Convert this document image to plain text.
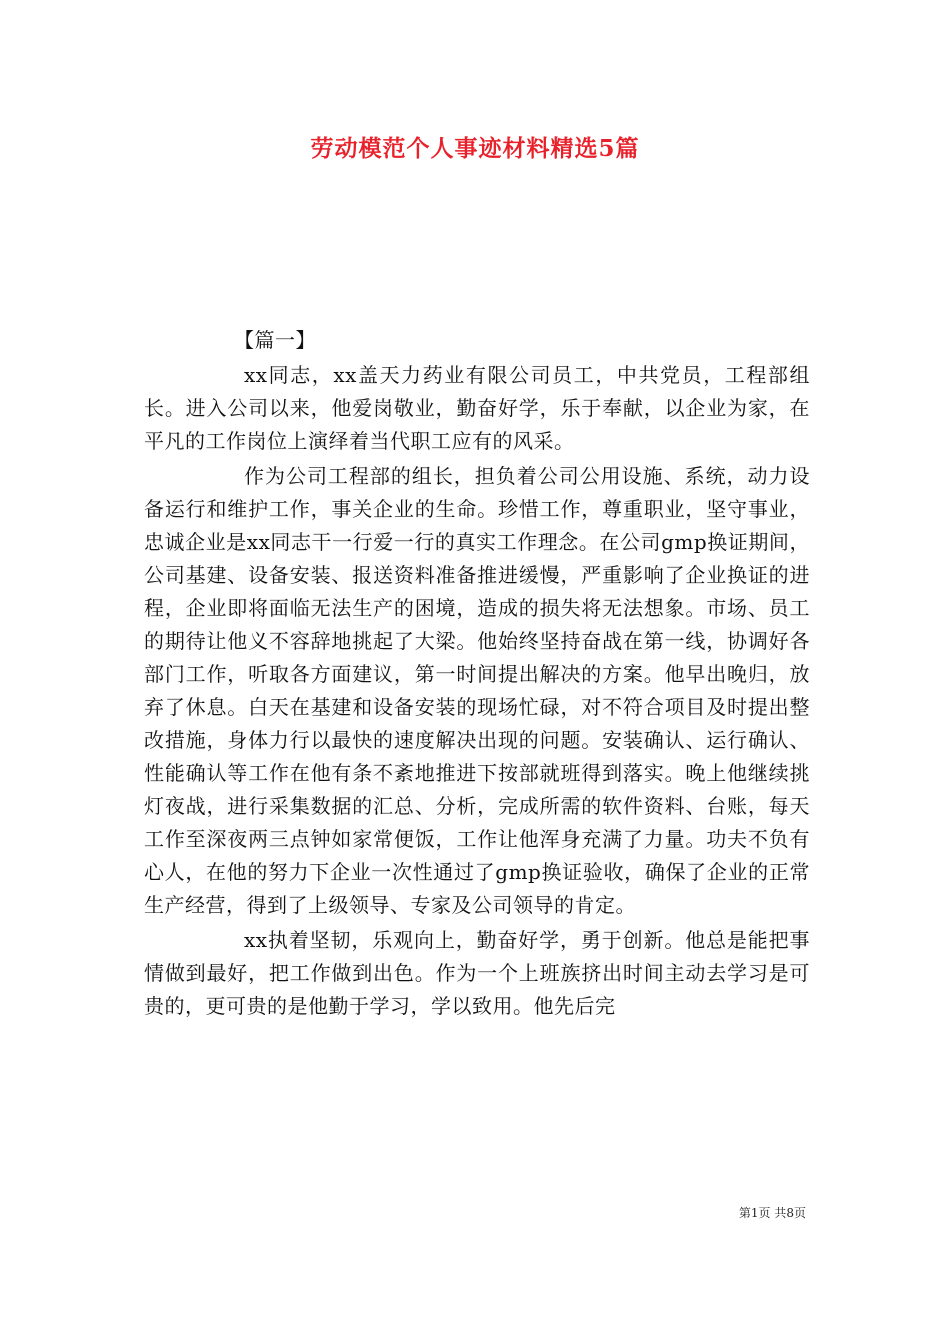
劳动模范个人事迹材料精选5篇

【篇一】

xx同志，xx盖天力药业有限公司员工，中共党员，工程部组长。进入公司以来，他爱岗敬业，勤奋好学，乐于奉献，以企业为家，在平凡的工作岗位上演绎着当代职工应有的风采。

作为公司工程部的组长，担负着公司公用设施、系统，动力设备运行和维护工作，事关企业的生命。珍惜工作，尊重职业，坚守事业，忠诚企业是xx同志干一行爱一行的真实工作理念。在公司gmp换证期间，公司基建、设备安装、报送资料准备推进缓慢，严重影响了企业换证的进程，企业即将面临无法生产的困境，造成的损失将无法想象。市场、员工的期待让他义不容辞地挑起了大梁。他始终坚持奋战在第一线，协调好各部门工作，听取各方面建议，第一时间提出解决的方案。他早出晚归，放弃了休息。白天在基建和设备安装的现场忙碌，对不符合项目及时提出整改措施，身体力行以最快的速度解决出现的问题。安装确认、运行确认、性能确认等工作在他有条不紊地推进下按部就班得到落实。晚上他继续挑灯夜战，进行采集数据的汇总、分析，完成所需的软件资料、台账，每天工作至深夜两三点钟如家常便饭，工作让他浑身充满了力量。功夫不负有心人，在他的努力下企业一次性通过了gmp换证验收，确保了企业的正常生产经营，得到了上级领导、专家及公司领导的肯定。

xx执着坚韧，乐观向上，勤奋好学，勇于创新。他总是能把事情做到最好，把工作做到出色。作为一个上班族挤出时间主动去学习是可贵的，更可贵的是他勤于学习，学以致用。他先后完

第1页 共8页
